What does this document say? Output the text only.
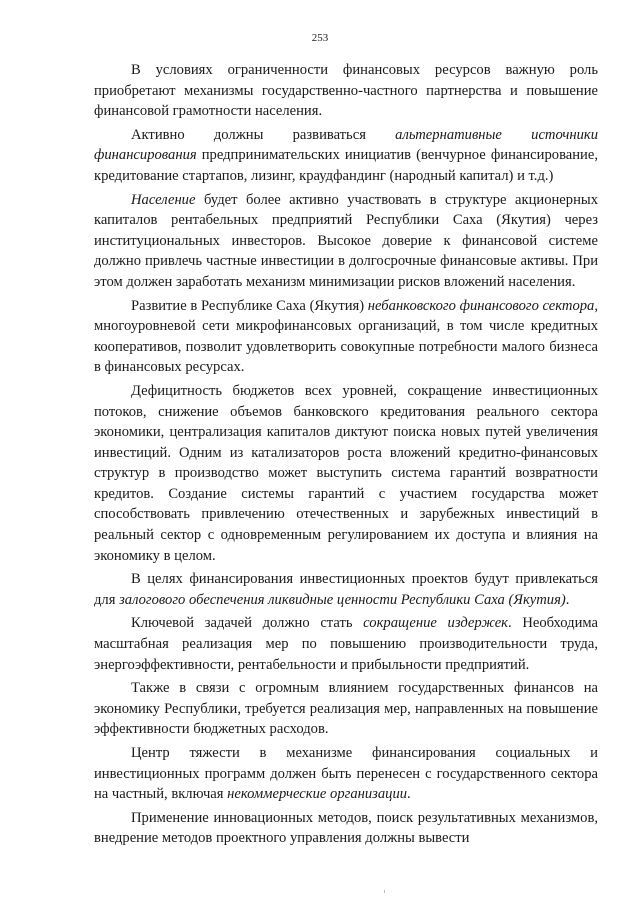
253

В условиях ограниченности финансовых ресурсов важную роль приобретают механизмы государственно-частного партнерства и повышение финансовой грамотности населения.

Активно должны развиваться альтернативные источники финансирования предпринимательских инициатив (венчурное финансирование, кредитование стартапов, лизинг, краудфандинг (народный капитал) и т.д.)

Население будет более активно участвовать в структуре акционерных капиталов рентабельных предприятий Республики Саха (Якутия) через институциональных инвесторов. Высокое доверие к финансовой системе должно привлечь частные инвестиции в долгосрочные финансовые активы. При этом должен заработать механизм минимизации рисков вложений населения.

Развитие в Республике Саха (Якутия) небанковского финансового сектора, многоуровневой сети микрофинансовых организаций, в том числе кредитных кооперативов, позволит удовлетворить совокупные потребности малого бизнеса в финансовых ресурсах.

Дефицитность бюджетов всех уровней, сокращение инвестиционных потоков, снижение объемов банковского кредитования реального сектора экономики, централизация капиталов диктуют поиска новых путей увеличения инвестиций. Одним из катализаторов роста вложений кредитно-финансовых структур в производство может выступить система гарантий возвратности кредитов. Создание системы гарантий с участием государства может способствовать привлечению отечественных и зарубежных инвестиций в реальный сектор с одновременным регулированием их доступа и влияния на экономику в целом.

В целях финансирования инвестиционных проектов будут привлекаться для залогового обеспечения ликвидные ценности Республики Саха (Якутия).

Ключевой задачей должно стать сокращение издержек. Необходима масштабная реализация мер по повышению производительности труда, энергоэффективности, рентабельности и прибыльности предприятий.

Также в связи с огромным влиянием государственных финансов на экономику Республики, требуется реализация мер, направленных на повышение эффективности бюджетных расходов.

Центр тяжести в механизме финансирования социальных и инвестиционных программ должен быть перенесен с государственного сектора на частный, включая некоммерческие организации.

Применение инновационных методов, поиск результативных механизмов, внедрение методов проектного управления должны вывести
